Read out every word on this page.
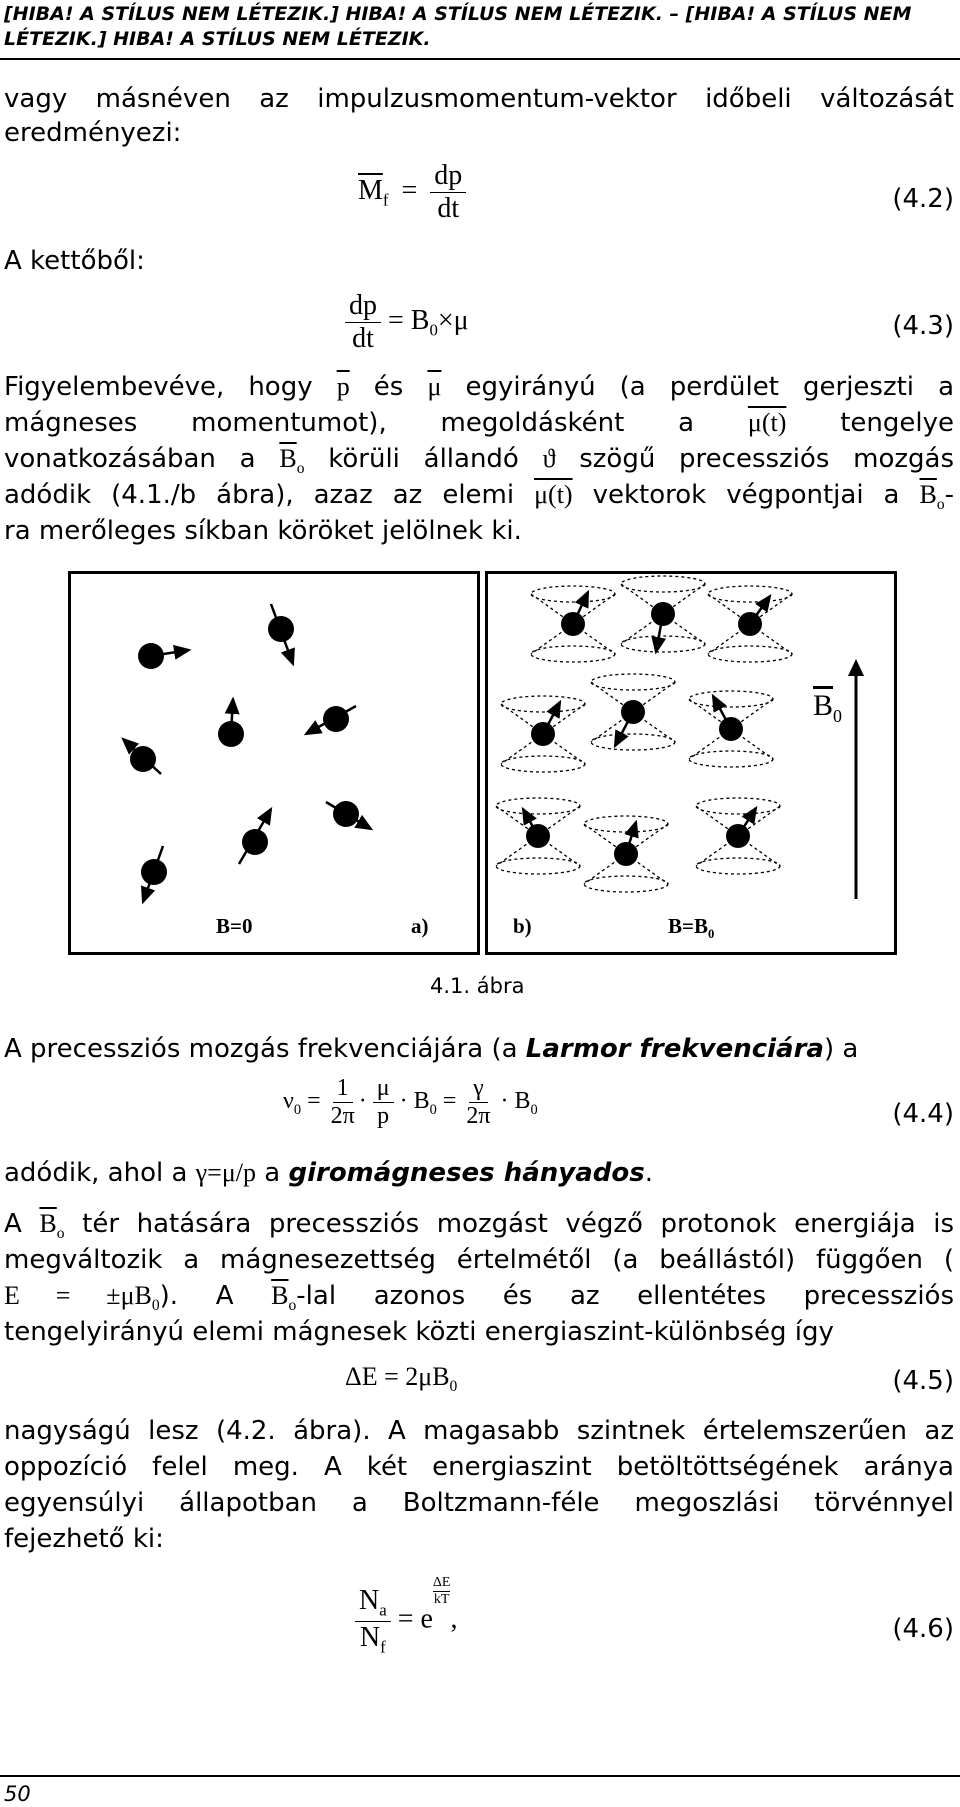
[HIBA! A STÍLUS NEM LÉTEZIK.] HIBA! A STÍLUS NEM LÉTEZIK. – [HIBA! A STÍLUS NEM LÉTEZIK.] HIBA! A STÍLUS NEM LÉTEZIK.
vagy másnéven az impulzusmomentum-vektor időbeli változását
eredményezi:
$\overline{M}_f = \frac{dp}{dt}$	(4.2)
A kettőből:
$\frac{dp}{dt} = B_0\times\mu$	(4.3)
Figyelembevéve, hogy $\overline{p}$ és $\overline{\mu}$ egyirányú (a perdület gerjeszti a
mágneses momentumot), megoldásként a μ(t) tengelye
vonatkozásában a $\overline{B}_o$ körüli állandó ϑ szögű precessziós mozgás
adódik (4.1./b ábra), azaz az elemi μ(t) vektorok végpontjai a $\overline{B}_o-$
ra merőleges síkban köröket jelölnek ki.
B=0	a)
$\overline{B}_0$
b)	$B=B_0$
4.1. ábra
A precessziós mozgás frekvenciájára (a Larmor frekvenciára) a
$\nu_0 = \frac{1}{2\pi} \cdot \frac{\mu}{p} \cdot B_0 = \frac{\gamma}{2\pi} \cdot B_0$	(4.4)
adódik, ahol a γ=μ/p a giromágneses hányados.
A $\overline{B}_o$ tér hatására precessziós mozgást végző protonok energiája is
megváltozik a mágnesezettség értelmétől (a beállástól) függően (
$E = \pm\mu B_0$). A $\overline{B}_o$-lal azonos és az ellentétes precessziós
tengelyirányú elemi mágnesek közti energiaszint-különbség így
$\Delta E = 2\mu B_0$	(4.5)
nagyságú lesz (4.2. ábra). A magasabb szintnek értelemszerűen az
oppozíció felel meg. A két energiaszint betöltöttségének aránya
egyensúlyi állapotban a Boltzmann-féle megoszlási törvénnyel
fejezhető ki:
$\frac{N_a}{N_f} = e$
$^{\frac{\Delta E}{kT}}$
,	(4.6)
50
